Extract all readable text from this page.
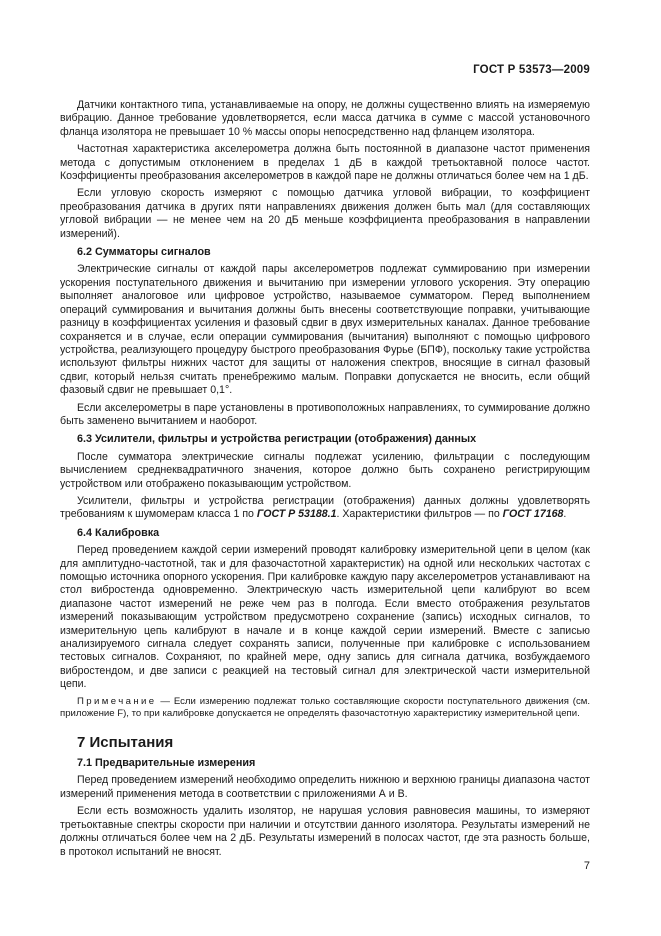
ГОСТ Р 53573—2009

Датчики контактного типа, устанавливаемые на опору, не должны существенно влиять на измеряемую вибрацию. Данное требование удовлетворяется, если масса датчика в сумме с массой установочного фланца изолятора не превышает 10 % массы опоры непосредственно над фланцем изолятора.

Частотная характеристика акселерометра должна быть постоянной в диапазоне частот применения метода с допустимым отклонением в пределах 1 дБ в каждой третьоктавной полосе частот. Коэффициенты преобразования акселерометров в каждой паре не должны отличаться более чем на 1 дБ.

Если угловую скорость измеряют с помощью датчика угловой вибрации, то коэффициент преобразования датчика в других пяти направлениях движения должен быть мал (для составляющих угловой вибрации — не менее чем на 20 дБ меньше коэффициента преобразования в направлении измерений).

6.2 Сумматоры сигналов

Электрические сигналы от каждой пары акселерометров подлежат суммированию при измерении ускорения поступательного движения и вычитанию при измерении углового ускорения. Эту операцию выполняет аналоговое или цифровое устройство, называемое сумматором. Перед выполнением операций суммирования и вычитания должны быть внесены соответствующие поправки, учитывающие разницу в коэффициентах усиления и фазовый сдвиг в двух измерительных каналах. Данное требование сохраняется и в случае, если операции суммирования (вычитания) выполняют с помощью цифрового устройства, реализующего процедуру быстрого преобразования Фурье (БПФ), поскольку такие устройства используют фильтры нижних частот для защиты от наложения спектров, вносящие в сигнал фазовый сдвиг, который нельзя считать пренебрежимо малым. Поправки допускается не вносить, если общий фазовый сдвиг не превышает 0,1°.

Если акселерометры в паре установлены в противоположных направлениях, то суммирование должно быть заменено вычитанием и наоборот.

6.3 Усилители, фильтры и устройства регистрации (отображения) данных

После сумматора электрические сигналы подлежат усилению, фильтрации с последующим вычислением среднеквадратичного значения, которое должно быть сохранено регистрирующим устройством или отображено показывающим устройством.

Усилители, фильтры и устройства регистрации (отображения) данных должны удовлетворять требованиям к шумомерам класса 1 по ГОСТ Р 53188.1. Характеристики фильтров — по ГОСТ 17168.

6.4 Калибровка

Перед проведением каждой серии измерений проводят калибровку измерительной цепи в целом (как для амплитудно-частотной, так и для фазочастотной характеристик) на одной или нескольких частотах с помощью источника опорного ускорения. При калибровке каждую пару акселерометров устанавливают на стол вибростенда одновременно. Электрическую часть измерительной цепи калибруют во всем диапазоне частот измерений не реже чем раз в полгода. Если вместо отображения результатов измерений показывающим устройством предусмотрено сохранение (запись) исходных сигналов, то измерительную цепь калибруют в начале и в конце каждой серии измерений. Вместе с записью анализируемого сигнала следует сохранять записи, полученные при калибровке с использованием тестовых сигналов. Сохраняют, по крайней мере, одну запись для сигнала датчика, возбуждаемого вибростендом, и две записи с реакцией на тестовый сигнал для электрической части измерительной цепи.

Примечание — Если измерению подлежат только составляющие скорости поступательного движения (см. приложение F), то при калибровке допускается не определять фазочастотную характеристику измерительной цепи.

7 Испытания
7.1 Предварительные измерения

Перед проведением измерений необходимо определить нижнюю и верхнюю границы диапазона частот измерений применения метода в соответствии с приложениями А и В.

Если есть возможность удалить изолятор, не нарушая условия равновесия машины, то измеряют третьоктавные спектры скорости при наличии и отсутствии данного изолятора. Результаты измерений не должны отличаться более чем на 2 дБ. Результаты измерений в полосах частот, где эта разность больше, в протокол испытаний не вносят.

7
